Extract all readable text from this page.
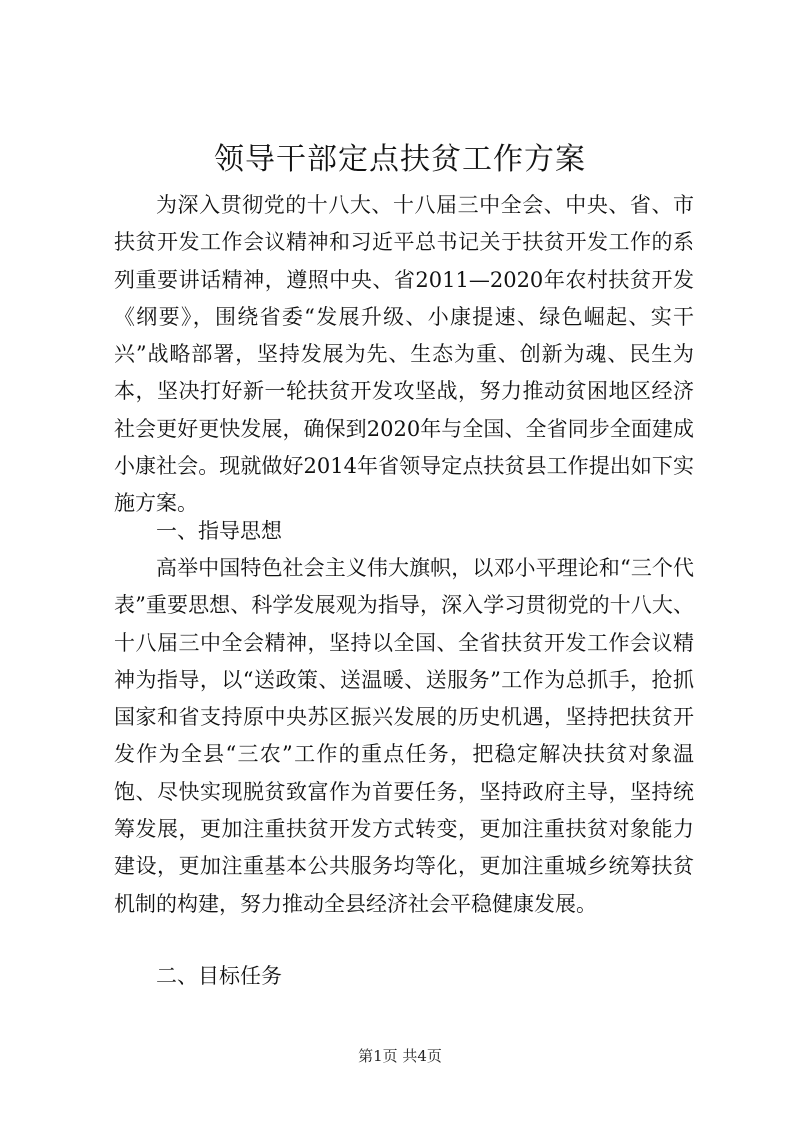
领导干部定点扶贫工作方案

为深入贯彻党的十八大、十八届三中全会、中央、省、市扶贫开发工作会议精神和习近平总书记关于扶贫开发工作的系列重要讲话精神，遵照中央、省2011—2020年农村扶贫开发《纲要》，围绕省委“发展升级、小康提速、绿色崛起、实干兴”战略部署，坚持发展为先、生态为重、创新为魂、民生为本，坚决打好新一轮扶贫开发攻坚战，努力推动贫困地区经济社会更好更快发展，确保到2020年与全国、全省同步全面建成小康社会。现就做好2014年省领导定点扶贫县工作提出如下实施方案。

一、指导思想

高举中国特色社会主义伟大旗帜，以邓小平理论和“三个代表”重要思想、科学发展观为指导，深入学习贯彻党的十八大、十八届三中全会精神，坚持以全国、全省扶贫开发工作会议精神为指导，以“送政策、送温暖、送服务”工作为总抓手，抢抓国家和省支持原中央苏区振兴发展的历史机遇，坚持把扶贫开发作为全县“三农”工作的重点任务，把稳定解决扶贫对象温饱、尽快实现脱贫致富作为首要任务，坚持政府主导，坚持统筹发展，更加注重扶贫开发方式转变，更加注重扶贫对象能力建设，更加注重基本公共服务均等化，更加注重城乡统筹扶贫机制的构建，努力推动全县经济社会平稳健康发展。

二、目标任务

第1页 共4页
